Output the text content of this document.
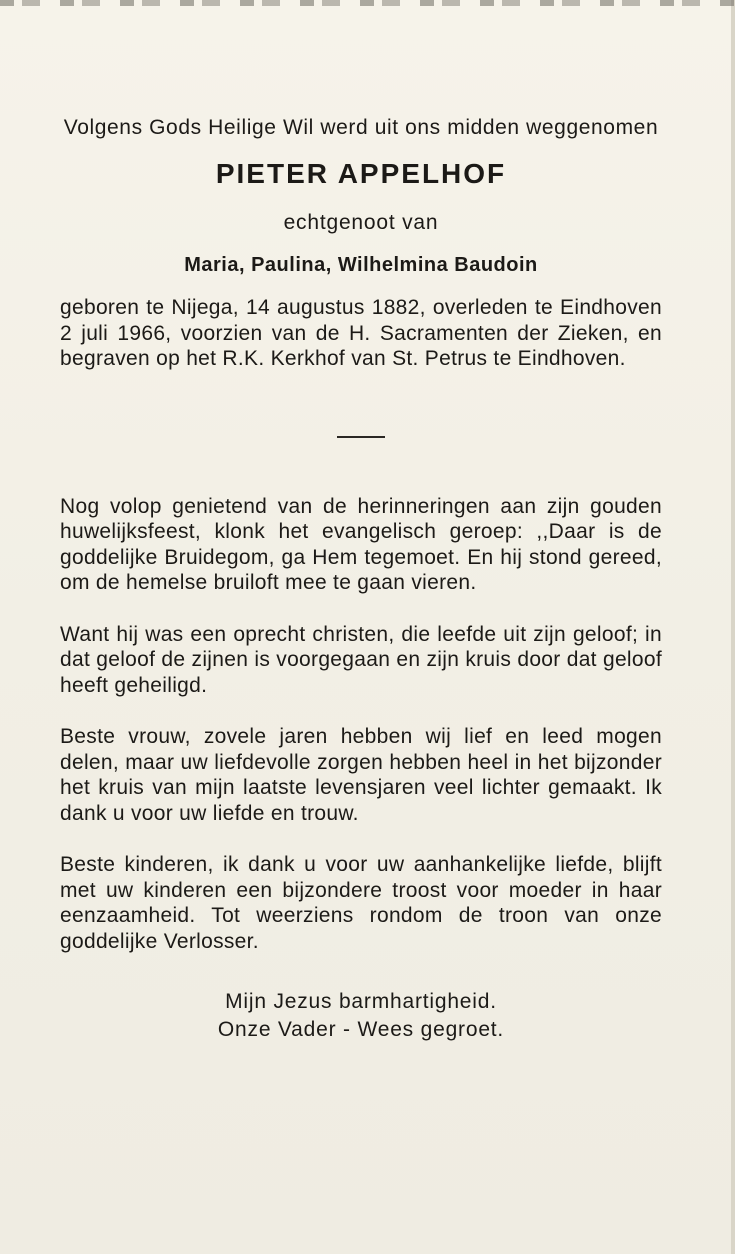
Volgens Gods Heilige Wil werd uit ons midden weggenomen
PIETER APPELHOF
echtgenoot van
Maria, Paulina, Wilhelmina Baudoin

geboren te Nijega, 14 augustus 1882, overleden te Eindhoven 2 juli 1966, voorzien van de H. Sacramenten der Zieken, en begraven op het R.K. Kerkhof van St. Petrus te Eindhoven.

Nog volop genietend van de herinneringen aan zijn gouden huwelijksfeest, klonk het evangelisch geroep: ,,Daar is de goddelijke Bruidegom, ga Hem tegemoet. En hij stond gereed, om de hemelse bruiloft mee te gaan vieren.

Want hij was een oprecht christen, die leefde uit zijn geloof; in dat geloof de zijnen is voorgegaan en zijn kruis door dat geloof heeft geheiligd.

Beste vrouw, zovele jaren hebben wij lief en leed mogen delen, maar uw liefdevolle zorgen hebben heel in het bijzonder het kruis van mijn laatste levensjaren veel lichter gemaakt. Ik dank u voor uw liefde en trouw.

Beste kinderen, ik dank u voor uw aanhankelijke liefde, blijft met uw kinderen een bijzondere troost voor moeder in haar eenzaamheid. Tot weerziens rondom de troon van onze goddelijke Verlosser.

Mijn Jezus barmhartigheid.
Onze Vader - Wees gegroet.
